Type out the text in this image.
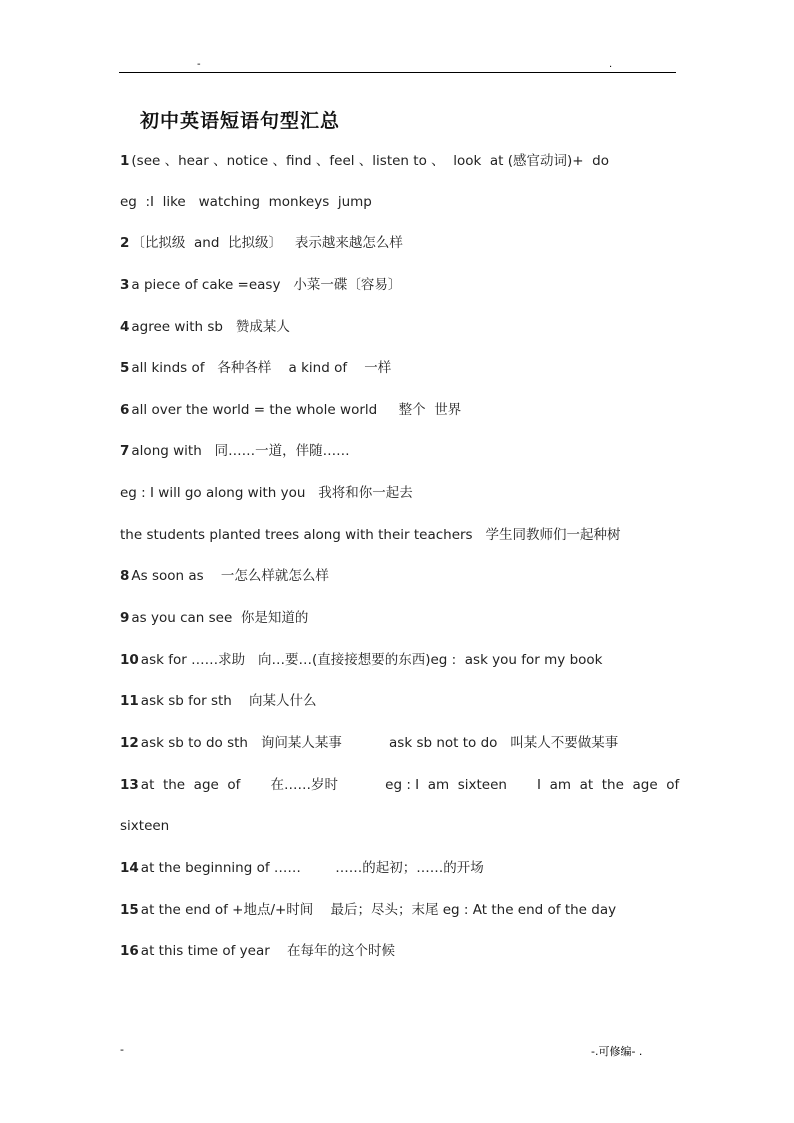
-	.
初中英语短语句型汇总
1 (see 、hear 、notice 、find 、feel 、listen to 、  look  at (感官动词)+  do
eg  :I  like   watching  monkeys  jump
2 〔比拟级  and  比拟级〕   表示越来越怎么样
3 a piece of cake =easy   小菜一碟〔容易〕
4 agree with sb   赞成某人
5 all kinds of   各种各样    a kind of    一样
6 all over the world = the whole world     整个  世界
7 along with   同……一道，伴随……
eg : I will go along with you   我将和你一起去
the students planted trees along with their teachers   学生同教师们一起种树
8 As soon as    一怎么样就怎么样
9 as you can see  你是知道的
10 ask for ……求助   向…要…(直接接想要的东西)eg :  ask you for my book
11 ask sb for sth    向某人什么
12 ask sb to do sth   询问某人某事           ask sb not to do   叫某人不要做某事
13 at  the  age  of       在……岁时           eg : I  am  sixteen       I  am  at  the  age  of
sixteen
14 at the beginning of ……        ……的起初；……的开场
15 at the end of +地点/+时间    最后；尽头；末尾 eg : At the end of the day
16 at this time of year    在每年的这个时候
-	-.可修编- .
